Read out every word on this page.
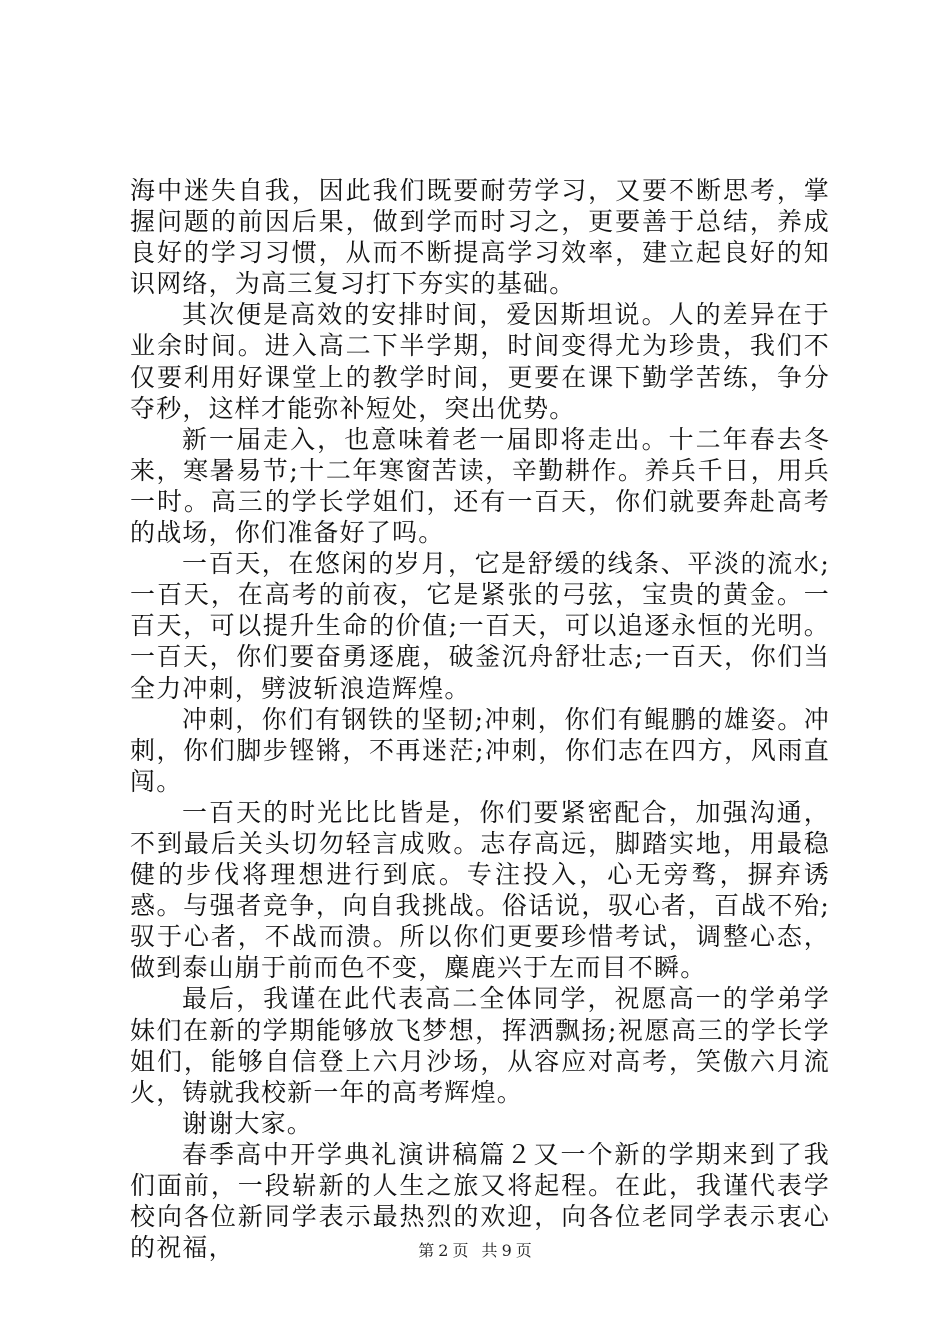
海中迷失自我，因此我们既要耐劳学习，又要不断思考，掌握问题的前因后果，做到学而时习之，更要善于总结，养成良好的学习习惯，从而不断提高学习效率，建立起良好的知识网络，为高三复习打下夯实的基础。

其次便是高效的安排时间，爱因斯坦说。人的差异在于业余时间。进入高二下半学期，时间变得尤为珍贵，我们不仅要利用好课堂上的教学时间，更要在课下勤学苦练，争分夺秒，这样才能弥补短处，突出优势。

新一届走入，也意味着老一届即将走出。十二年春去冬来，寒暑易节;十二年寒窗苦读，辛勤耕作。养兵千日，用兵一时。高三的学长学姐们，还有一百天，你们就要奔赴高考的战场，你们准备好了吗。

一百天，在悠闲的岁月，它是舒缓的线条、平淡的流水;一百天，在高考的前夜，它是紧张的弓弦，宝贵的黄金。一百天，可以提升生命的价值;一百天，可以追逐永恒的光明。一百天，你们要奋勇逐鹿，破釜沉舟舒壮志;一百天，你们当全力冲刺，劈波斩浪造辉煌。

冲刺，你们有钢铁的坚韧;冲刺，你们有鲲鹏的雄姿。冲刺，你们脚步铿锵，不再迷茫;冲刺，你们志在四方，风雨直闯。

一百天的时光比比皆是，你们要紧密配合，加强沟通，不到最后关头切勿轻言成败。志存高远，脚踏实地，用最稳健的步伐将理想进行到底。专注投入，心无旁骛，摒弃诱惑。与强者竞争，向自我挑战。俗话说，驭心者，百战不殆;驭于心者，不战而溃。所以你们更要珍惜考试，调整心态，做到泰山崩于前而色不变，麋鹿兴于左而目不瞬。

最后，我谨在此代表高二全体同学，祝愿高一的学弟学妹们在新的学期能够放飞梦想，挥洒飘扬;祝愿高三的学长学姐们，能够自信登上六月沙场，从容应对高考，笑傲六月流火，铸就我校新一年的高考辉煌。

谢谢大家。

春季高中开学典礼演讲稿篇２又一个新的学期来到了我们面前，一段崭新的人生之旅又将起程。在此，我谨代表学校向各位新同学表示最热烈的欢迎，向各位老同学表示衷心的祝福，	第 2 页 共 9 页
